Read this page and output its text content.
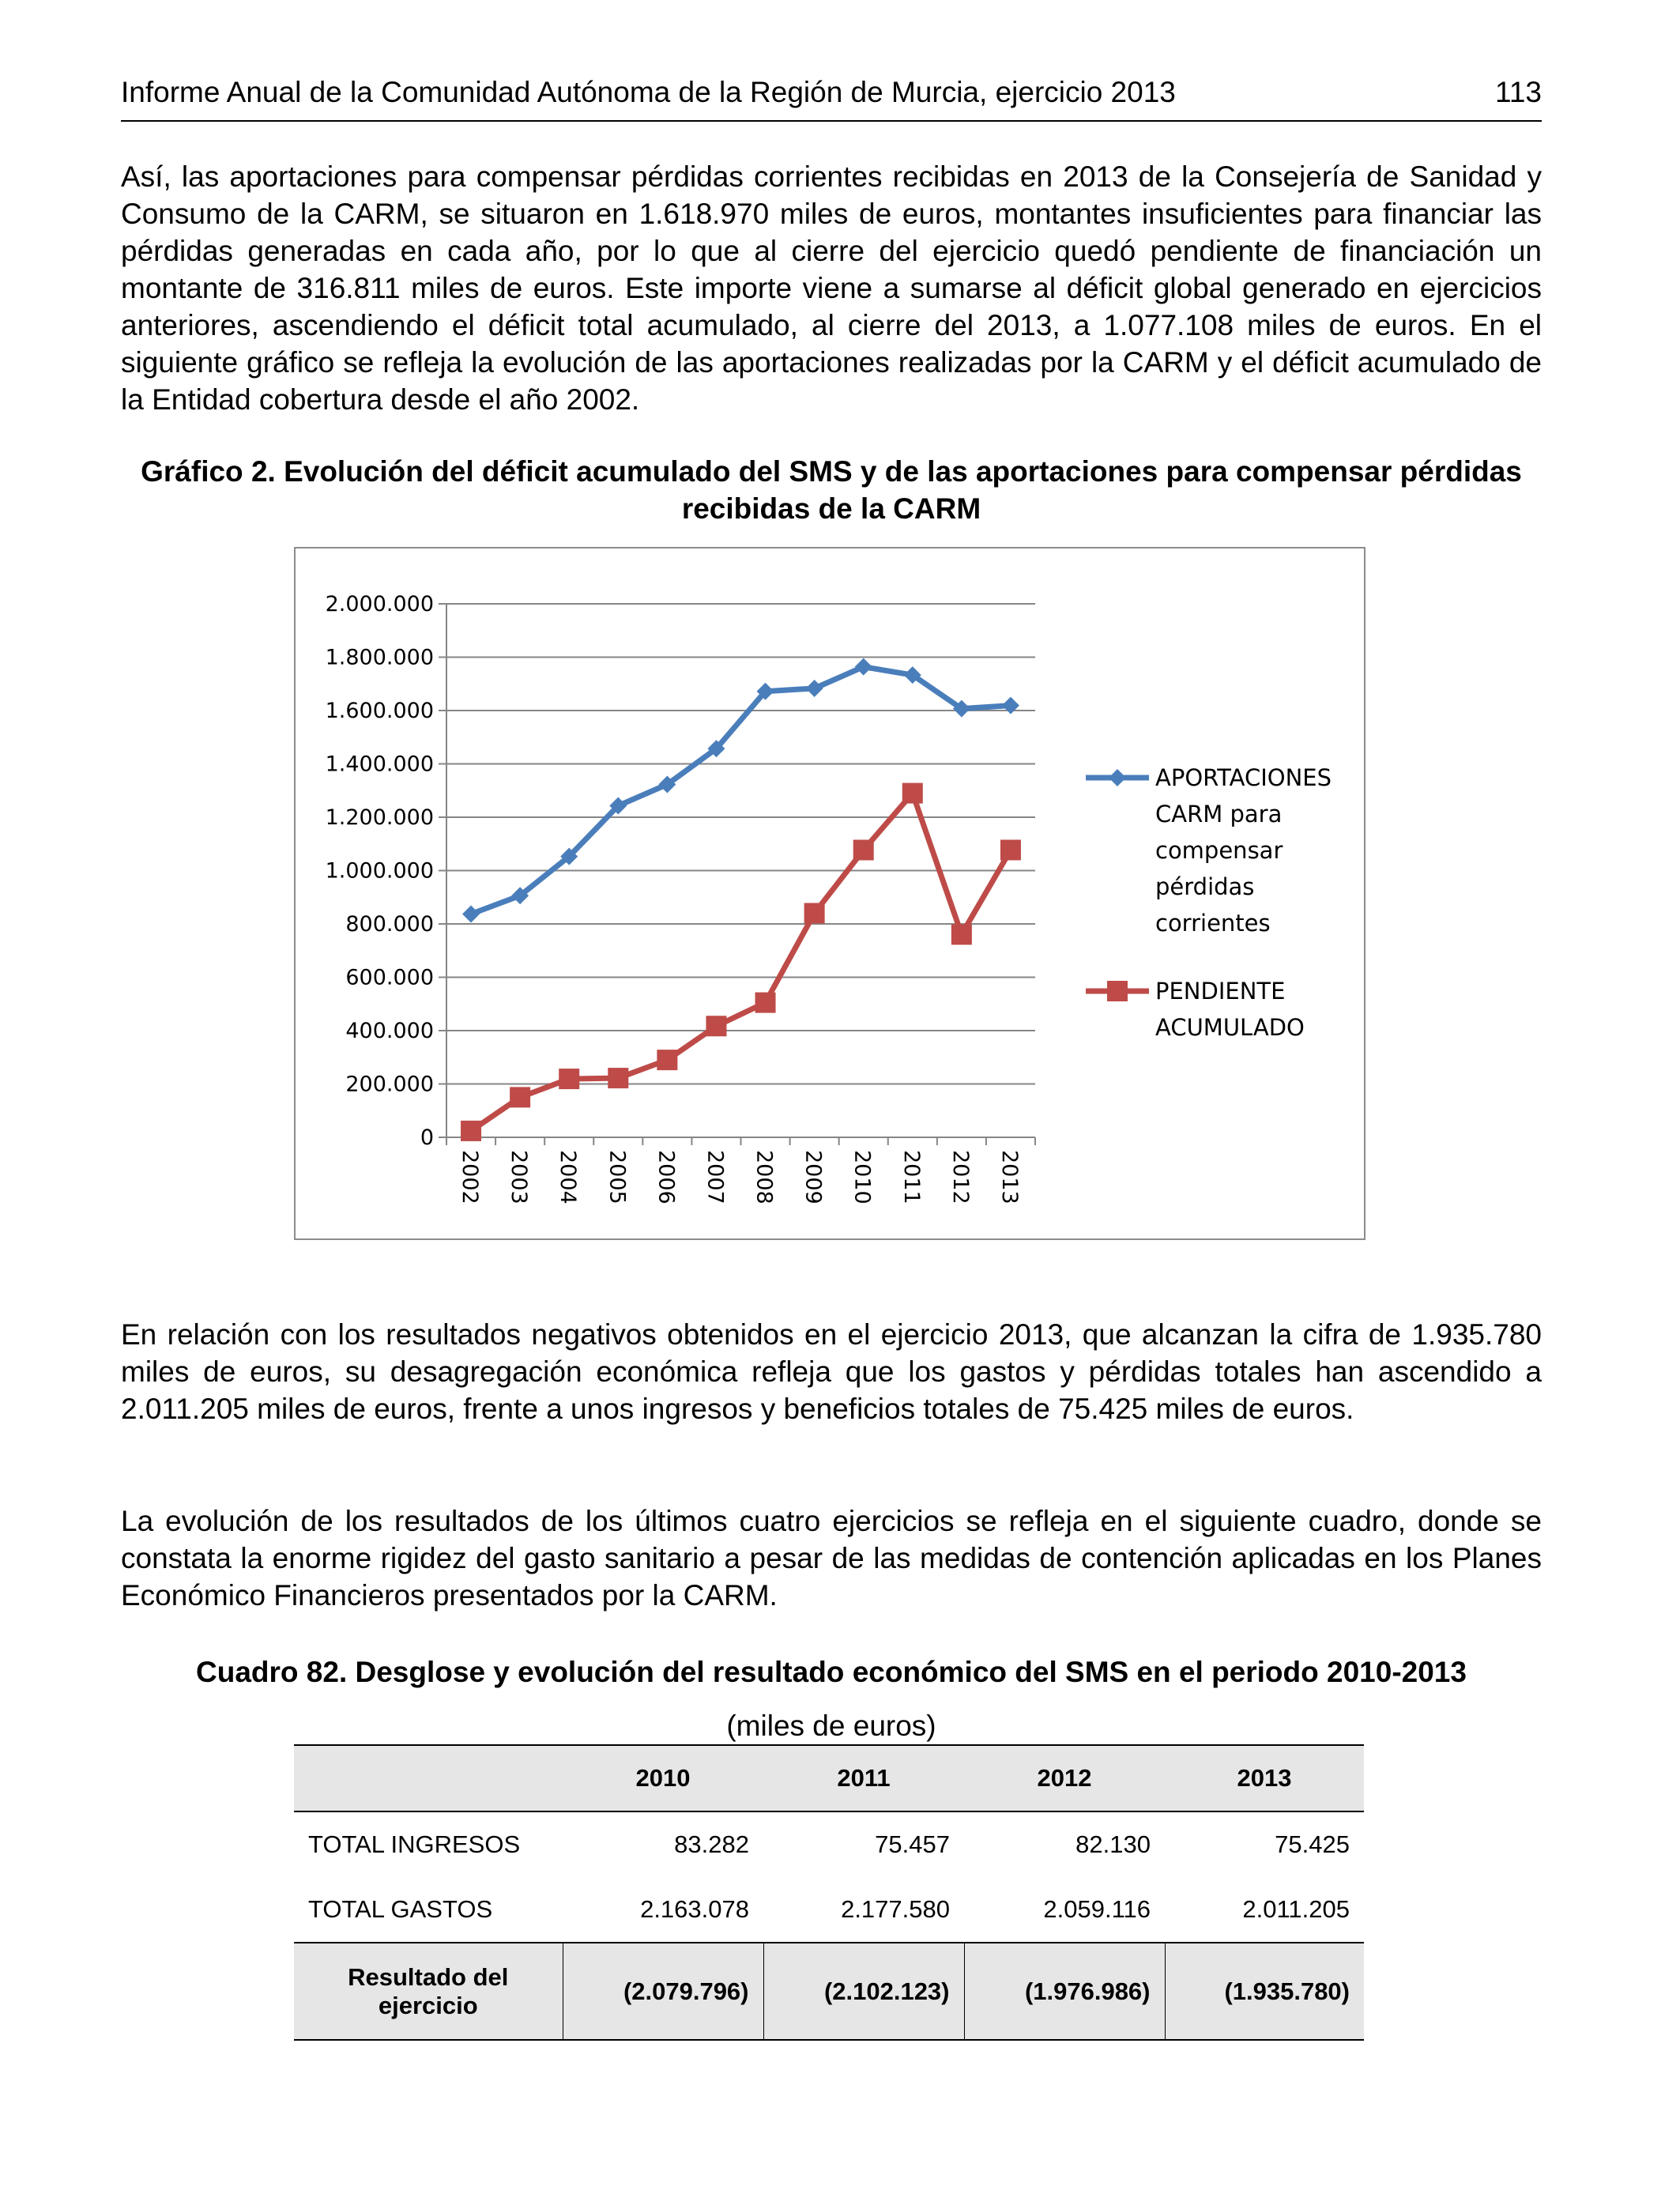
Informe Anual de la Comunidad Autónoma de la Región de Murcia, ejercicio 2013	113

Así, las aportaciones para compensar pérdidas corrientes recibidas en 2013 de la Consejería de Sanidad y Consumo de la CARM, se situaron en 1.618.970 miles de euros, montantes insuficientes para financiar las pérdidas generadas en cada año, por lo que al cierre del ejercicio quedó pendiente de financiación un montante de 316.811 miles de euros. Este importe viene a sumarse al déficit global generado en ejercicios anteriores, ascendiendo el déficit total acumulado, al cierre del 2013, a 1.077.108 miles de euros. En el siguiente gráfico se refleja la evolución de las aportaciones realizadas por la CARM y el déficit acumulado de la Entidad cobertura desde el año 2002.

Gráfico 2. Evolución del déficit acumulado del SMS y de las aportaciones para compensar pérdidas recibidas de la CARM

0
200.000
400.000
600.000
800.000
1.000.000
1.200.000
1.400.000
1.600.000
1.800.000
2.000.000
2002 2003 2004 2005 2006 2007 2008 2009 2010 2011 2012 2013
APORTACIONES
CARM para
compensar
pérdidas
corrientes
PENDIENTE
ACUMULADO

En relación con los resultados negativos obtenidos en el ejercicio 2013, que alcanzan la cifra de 1.935.780 miles de euros, su desagregación económica refleja que los gastos y pérdidas totales han ascendido a 2.011.205 miles de euros, frente a unos ingresos y beneficios totales de 75.425 miles de euros.

La evolución de los resultados de los últimos cuatro ejercicios se refleja en el siguiente cuadro, donde se constata la enorme rigidez del gasto sanitario a pesar de las medidas de contención aplicadas en los Planes Económico Financieros presentados por la CARM.

Cuadro 82. Desglose y evolución del resultado económico del SMS en el periodo 2010-2013

(miles de euros)

	2010	2011	2012	2013
TOTAL INGRESOS	83.282	75.457	82.130	75.425
TOTAL GASTOS	2.163.078	2.177.580	2.059.116	2.011.205
Resultado del ejercicio	(2.079.796)	(2.102.123)	(1.976.986)	(1.935.780)
